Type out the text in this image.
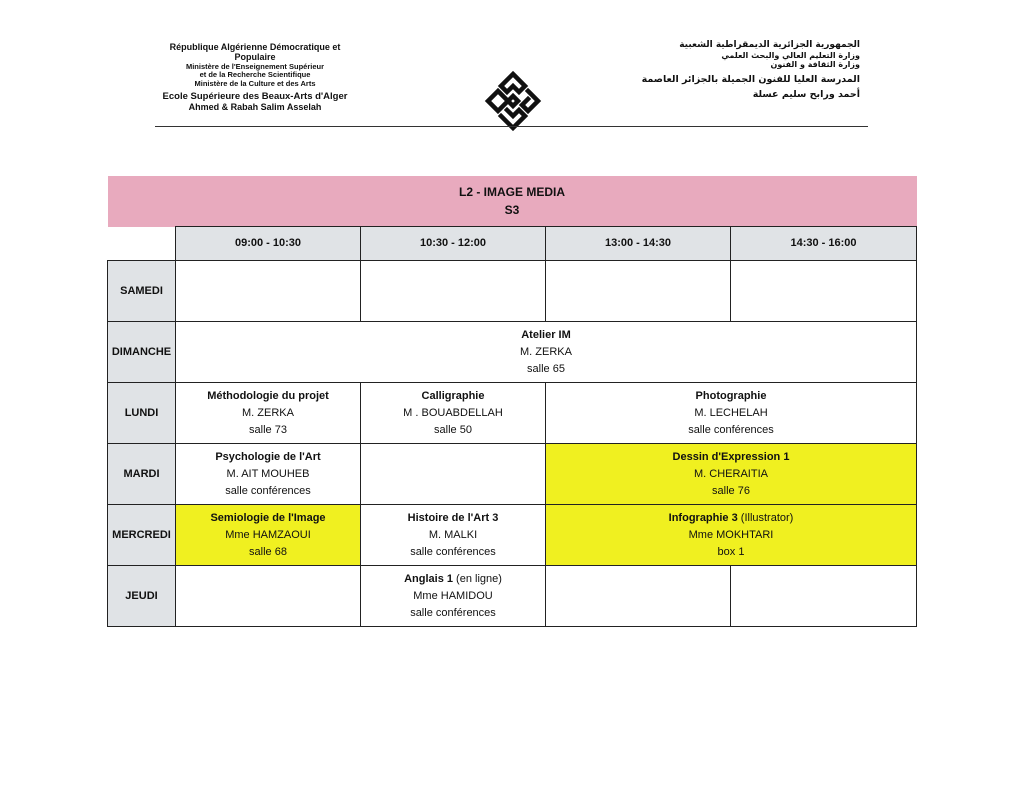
République Algérienne Démocratique et Populaire
Ministère de l'Enseignement Supérieur
et de la Recherche Scientifique
Ministère de la Culture et des Arts
Ecole Supérieure des Beaux-Arts d'Alger
Ahmed & Rabah Salim Asselah
الجمهورية الجزائرية الديمقراطية الشعبية
وزارة التعليم العالي والبحث العلمي
وزارة الثقافة و الفنون
المدرسة العليا للفنون الجميلة بالجزائر العاصمة
أحمد ورابح سليم عسلة
L2 - IMAGE MEDIA
S3				

	09:00 - 10:30	10:30 - 12:00	13:00 - 14:30	14:30 - 16:00
SAMEDI				
DIMANCHE	Atelier IM
M. ZERKA
salle 65			

LUNDI	Méthodologie du projet
M. ZERKA
salle 73	Calligraphie
M . BOUABDELLAH
salle 50	Photographie
M. LECHELAH
salle conférences	

MARDI	Psychologie de l'Art
M. AIT MOUHEB
salle conférences		Dessin d'Expression 1
M. CHERAITIA
salle 76	

MERCREDI	Semiologie de l'Image
Mme HAMZAOUI
salle 68	Histoire de l'Art 3
M. MALKI
salle conférences	Infographie 3 (Illustrator)
Mme MOKHTARI
box 1	

JEUDI		Anglais 1 (en ligne)
Mme HAMIDOU
salle conférences		
